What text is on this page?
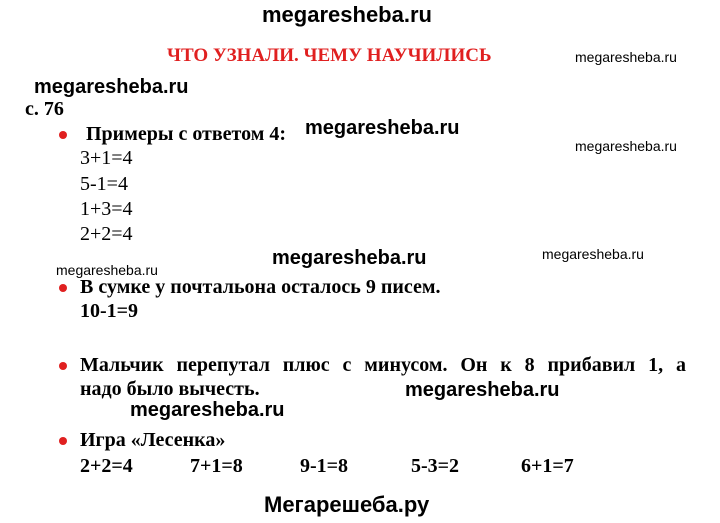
megaresheba.ru
ЧТО УЗНАЛИ. ЧЕМУ НАУЧИЛИСЬ	megaresheba.ru
megaresheba.ru
megaresheba.ru
megaresheba.ru
megaresheba.ru	megaresheba.ru
megaresheba.ru
megaresheba.ru
megaresheba.ru
с. 76
Примеры с ответом 4:
3+1=4
5-1=4
1+3=4
2+2=4
В сумке у почтальона осталось 9 писем.
10-1=9
Мальчик перепутал плюс с минусом. Он к 8 прибавил 1, а
надо было вычесть.
Игра «Лесенка»
2+2=4	7+1=8	9-1=8	5-3=2	6+1=7
Мегарешеба.ру
